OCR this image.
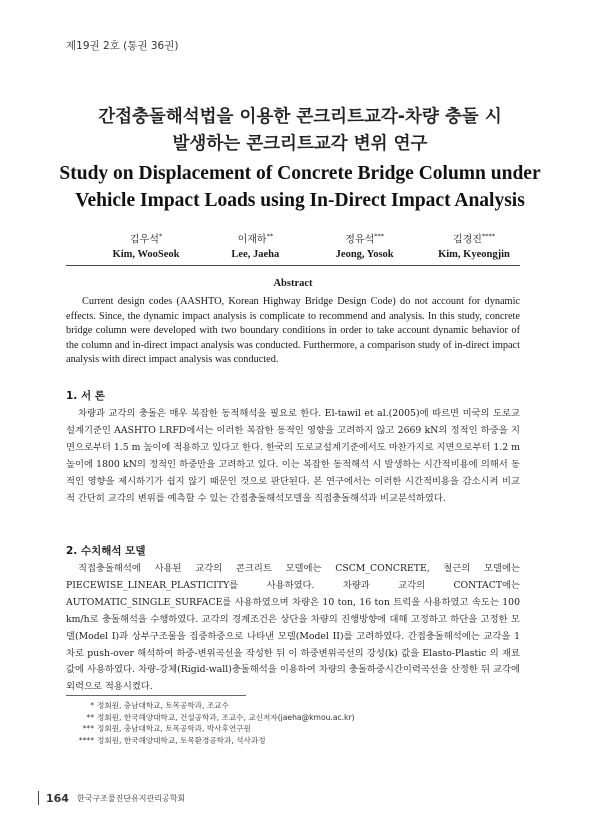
제19권 2호 (통권 36권)
간접충돌해석법을 이용한 콘크리트교각-차량 충돌 시
발생하는 콘크리트교각 변위 연구
Study on Displacement of Concrete Bridge Column under
Vehicle Impact Loads using In-Direct Impact Analysis
김우석*
Kim, WooSeok
이재하**
Lee, Jaeha
정유석***
Jeong, Yosok
김경진****
Kim, Kyeongjin
Abstract

Current design codes (AASHTO, Korean Highway Bridge Design Code) do not account for dynamic effects. Since, the dynamic impact analysis is complicate to recommend and analysis. In this study, concrete bridge column were developed with two boundary conditions in order to take account dynamic behavior of the column and in-direct impact analysis was conducted. Furthermore, a comparison study of in-direct impact analysis with direct impact analysis was conducted.

1. 서 론

차량과 교각의 충돌은 매우 복잡한 동적해석을 필요로 한다. El-tawil et al.(2005)에 따르면 미국의 도로교설계기준인 AASHTO LRFD에서는 이러한 복잡한 동적인 영향을 고려하지 않고 2669 kN의 정적인 하중을 지면으로부터 1.5 m 높이에 적용하고 있다고 한다. 한국의 도로교설계기준에서도 마찬가지로 지면으로부터 1.2 m 높이에 1800 kN의 정적인 하중만을 고려하고 있다. 이는 복잡한 동적해석 시 발생하는 시간적비용에 의해서 동적인 영향을 제시하기가 쉽지 않기 때문인 것으로 판단된다. 본 연구에서는 이러한 시간적비용을 감소시켜 비교적 간단히 교각의 변위를 예측할 수 있는 간접충돌해석모델을 직접충돌해석과 비교분석하였다.

2. 수치해석 모델

직접충돌해석에 사용된 교각의 콘크리트 모델에는 CSCM_CONCRETE, 철근의 모델에는 PIECEWISE_LINEAR_PLASTICITY를 사용하였다. 차량과 교각의 CONTACT에는 AUTOMATIC_SINGLE_SURFACE를 사용하였으며 차량은 10 ton, 16 ton 트럭을 사용하였고 속도는 100 km/h로 충돌해석을 수행하였다. 교각의 경계조건은 상단을 차량의 진행방향에 대해 고정하고 하단을 고정한 모델(Model I)과 상부구조물을 집중하중으로 나타낸 모델(Model II)를 고려하였다. 간접충돌해석에는 교각을 1차로 push-over 해석하여 하중-변위곡선을 작성한 뒤 이 하중변위곡선의 강성(k) 값을 Elasto-Plastic 의 재료값에 사용하였다. 차량-강체(Rigid-wall)충돌해석을 이용하여 차량의 충돌하중시간이력곡선을 산정한 뒤 교각에 외력으로 적용시켰다.

* 정회원, 충남대학교, 토목공학과, 조교수
** 정회원, 한국해양대학교, 건설공학과, 조교수, 교신저자(jaeha@kmou.ac.kr)
*** 정회원, 충남대학교, 토목공학과, 박사후연구원
**** 정회원, 한국해양대학교, 토목환경공학과, 석사과정
164 한국구조물진단유지관리공학회
